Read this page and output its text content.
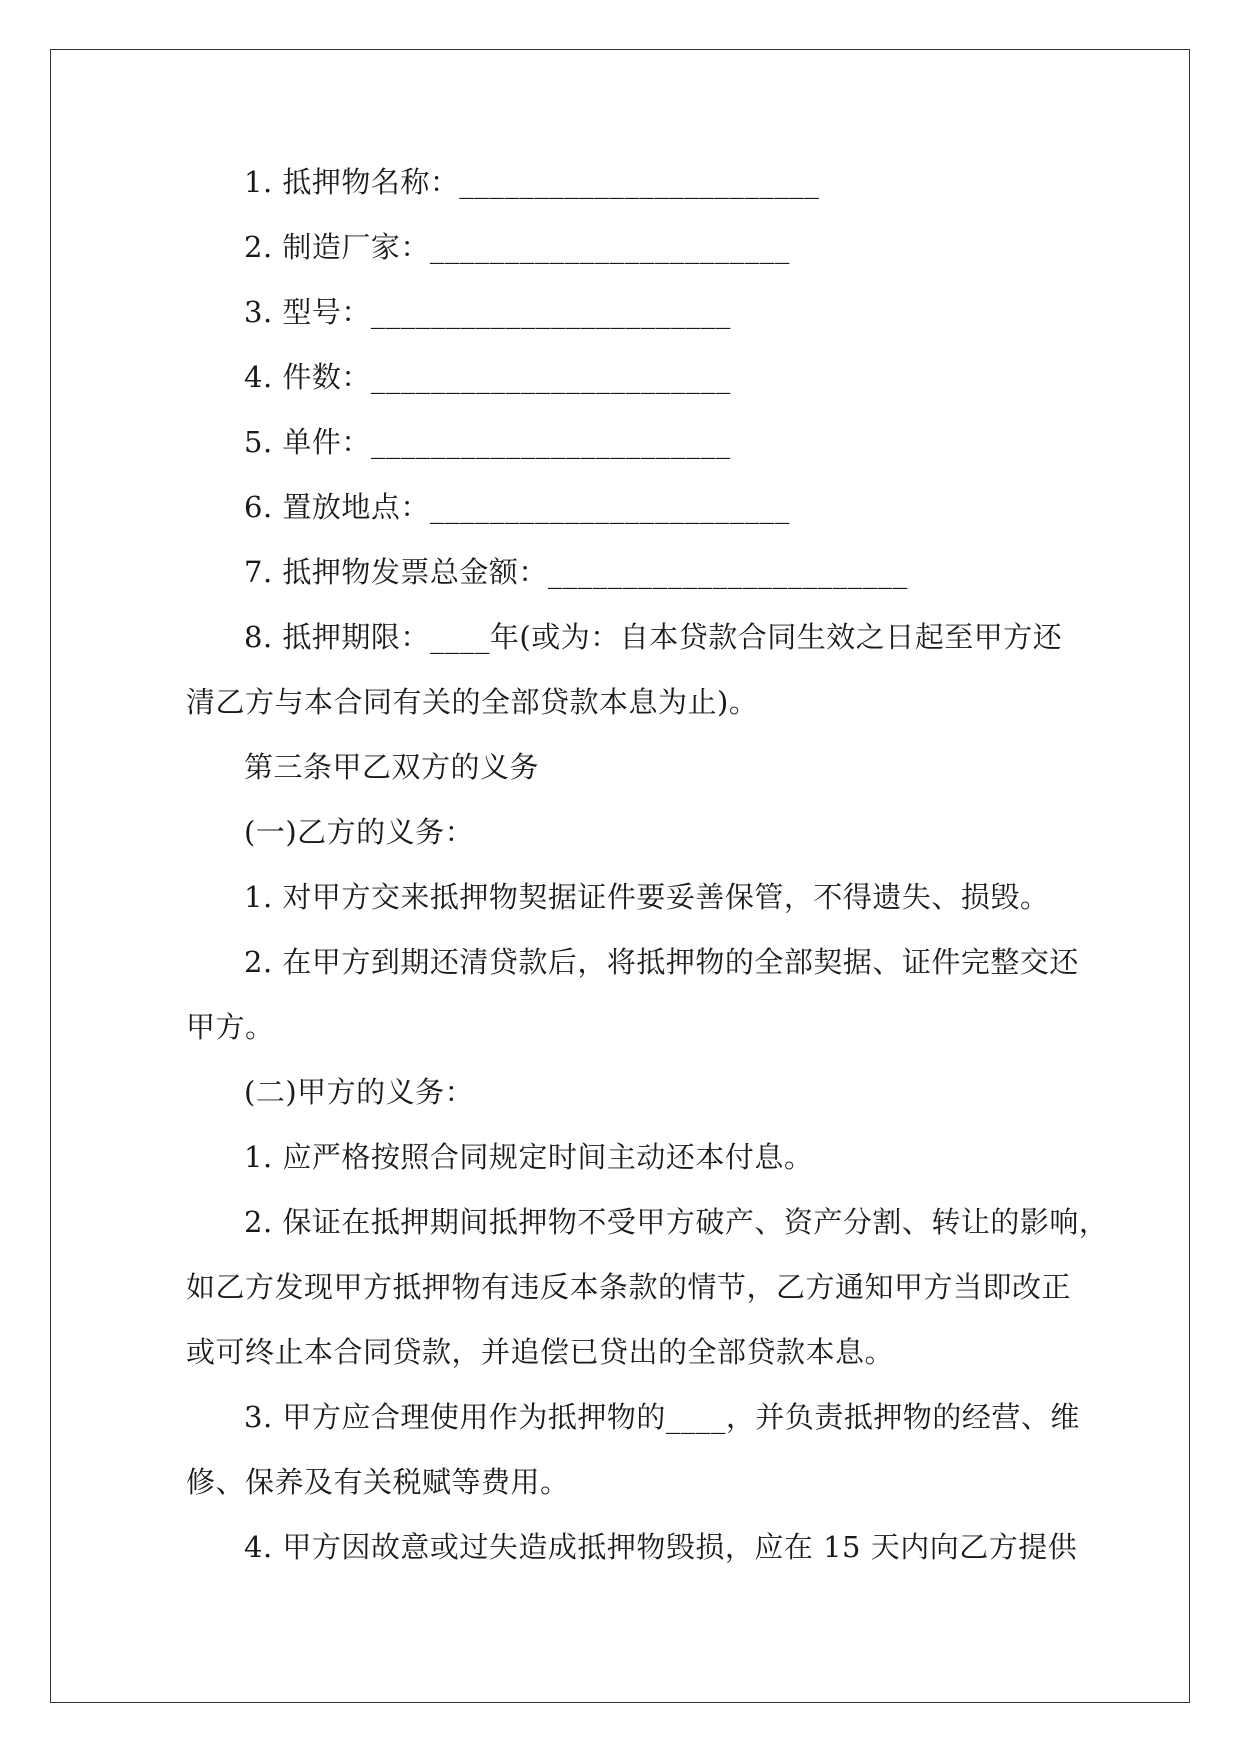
1. 抵押物名称：________________________
2. 制造厂家：________________________
3. 型号：________________________
4. 件数：________________________
5. 单件：________________________
6. 置放地点：________________________
7. 抵押物发票总金额：________________________
8. 抵押期限：____年(或为：自本贷款合同生效之日起至甲方还
清乙方与本合同有关的全部贷款本息为止)。
第三条甲乙双方的义务
(一)乙方的义务：
1. 对甲方交来抵押物契据证件要妥善保管，不得遗失、损毁。
2. 在甲方到期还清贷款后，将抵押物的全部契据、证件完整交还
甲方。
(二)甲方的义务：
1. 应严格按照合同规定时间主动还本付息。
2. 保证在抵押期间抵押物不受甲方破产、资产分割、转让的影响，
如乙方发现甲方抵押物有违反本条款的情节，乙方通知甲方当即改正
或可终止本合同贷款，并追偿已贷出的全部贷款本息。
3. 甲方应合理使用作为抵押物的____，并负责抵押物的经营、维
修、保养及有关税赋等费用。
4. 甲方因故意或过失造成抵押物毁损，应在 15 天内向乙方提供
